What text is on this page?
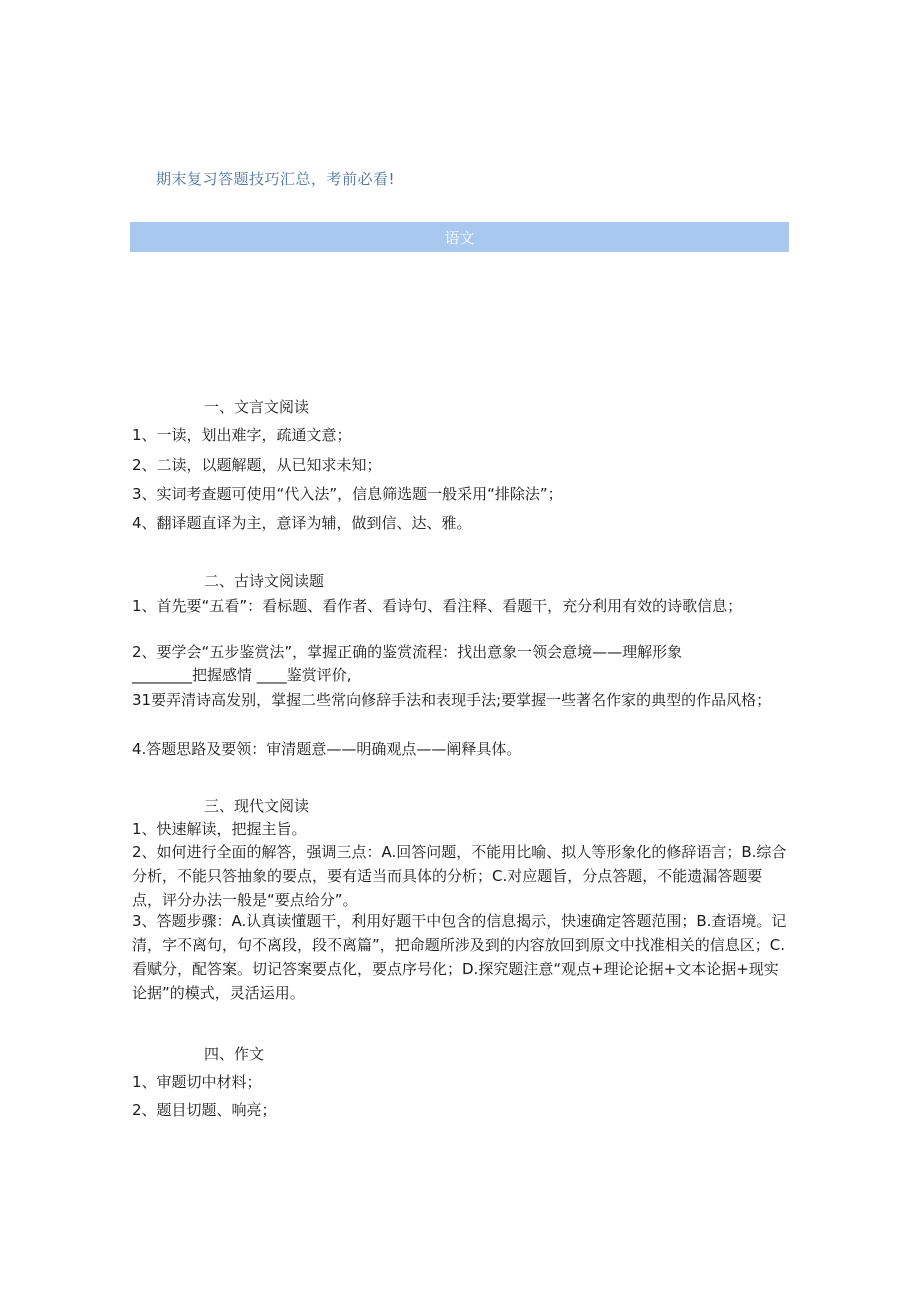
期末复习答题技巧汇总，考前必看!
语文
一、文言文阅读

1、一读，划出难字，疏通文意；

2、二读，以题解题，从已知求未知；

3、实词考查题可使用“代入法”，信息筛选题一般采用“排除法”；

4、翻译题直译为主，意译为辅，做到信、达、雅。

二、古诗文阅读题

1、首先要“五看”：看标题、看作者、看诗句、看注释、看题干，充分利用有效的诗歌信息；

2、要学会“五步鉴赏法”，掌握正确的鉴赏流程：找出意象一领会意境——理解形象

________把握感情 ____鉴赏评价,

31要弄清诗高发别，掌握二些常向修辞手法和表现手法;要掌握一些著名作家的典型的作品风格；

4.答题思路及要领：审清题意——明确观点——阐释具体。

三、现代文阅读

1、快速解读，把握主旨。

2、如何进行全面的解答，强调三点：A.回答问题，不能用比喻、拟人等形象化的修辞语言；B.综合分析，不能只答抽象的要点，要有适当而具体的分析；C.对应题旨，分点答题，不能遗漏答题要点，评分办法一般是“要点给分”。

3、答题步骤：A.认真读懂题干，利用好题干中包含的信息揭示，快速确定答题范围；B.查语境。记清，字不离句，句不离段，段不离篇”，把命题所涉及到的内容放回到原文中找准相关的信息区；C.看赋分，配答案。切记答案要点化，要点序号化；D.探究题注意“观点+理论论据+文本论据+现实论据”的模式，灵活运用。

四、作文

1、审题切中材料；

2、题目切题、响亮；
